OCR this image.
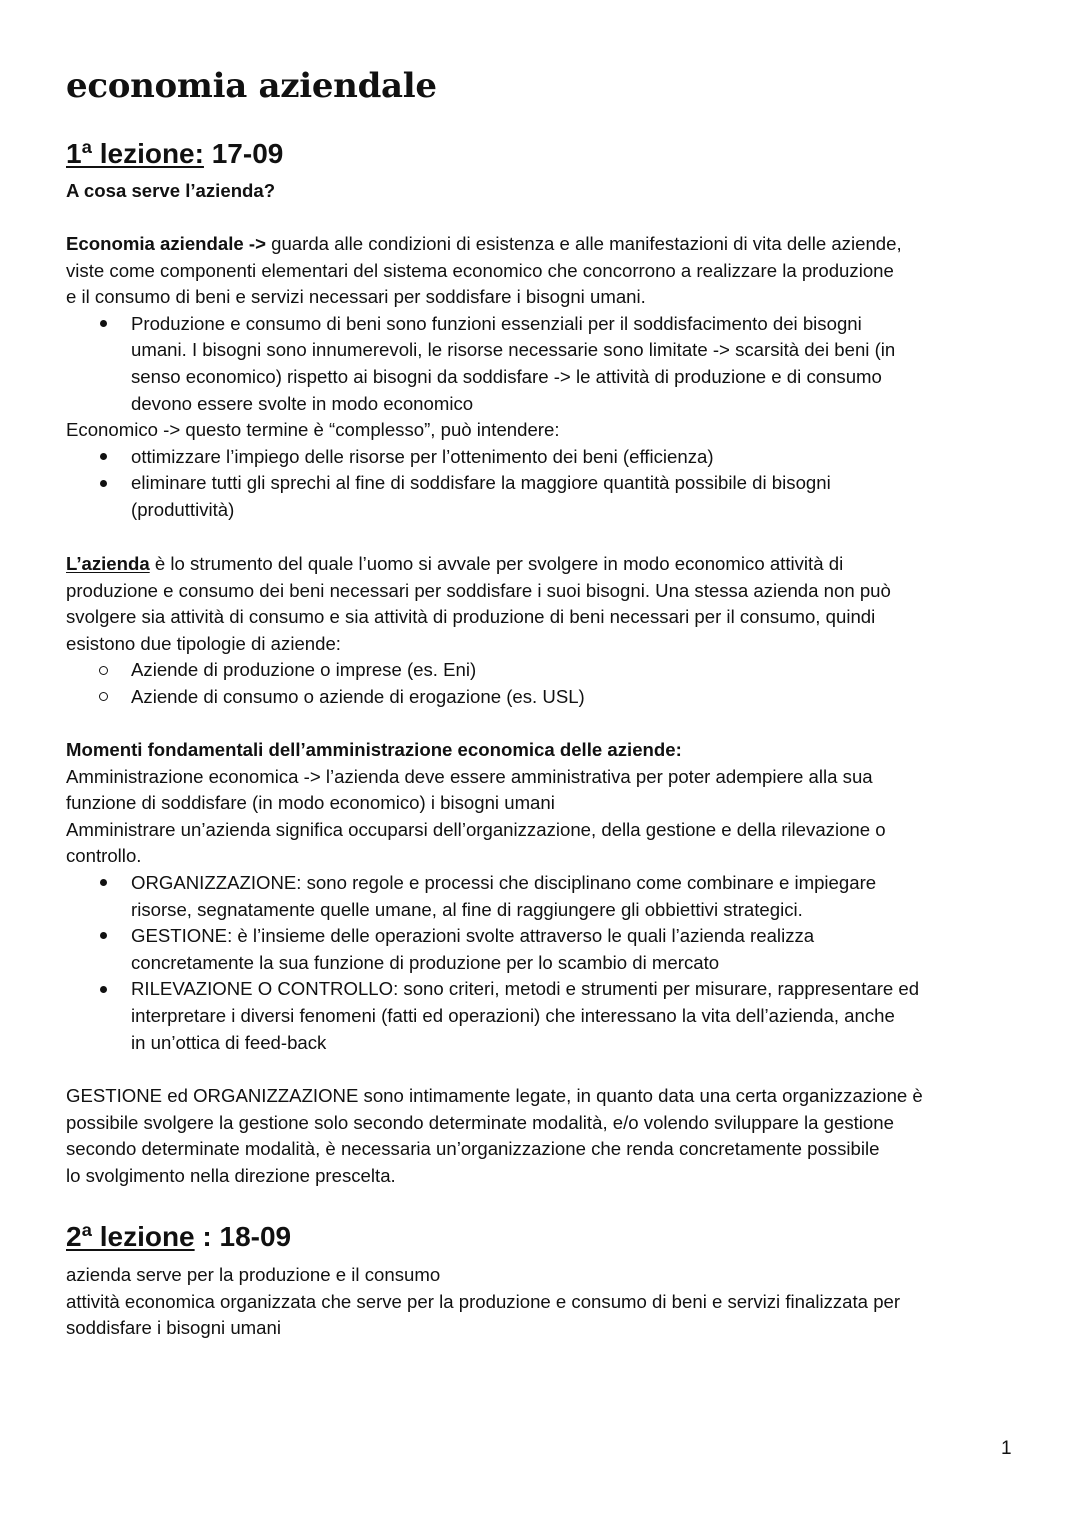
economia aziendale
1ª lezione: 17-09
A cosa serve l’azienda?
Economia aziendale -> guarda alle condizioni di esistenza e alle manifestazioni di vita delle aziende,
viste come componenti elementari del sistema economico che concorrono a realizzare la produzione
e il consumo di beni e servizi necessari per soddisfare i bisogni umani.
Produzione e consumo di beni sono funzioni essenziali per il soddisfacimento dei bisogni
umani. I bisogni sono innumerevoli, le risorse necessarie sono limitate -> scarsità dei beni (in
senso economico) rispetto ai bisogni da soddisfare -> le attività di produzione e di consumo
devono essere svolte in modo economico
Economico -> questo termine è “complesso”, può intendere:
ottimizzare l’impiego delle risorse per l’ottenimento dei beni (efficienza)
eliminare tutti gli sprechi al fine di soddisfare la maggiore quantità possibile di bisogni
(produttività)
L’azienda è lo strumento del quale l’uomo si avvale per svolgere in modo economico attività di
produzione e consumo dei beni necessari per soddisfare i suoi bisogni. Una stessa azienda non può
svolgere sia attività di consumo e sia attività di produzione di beni necessari per il consumo, quindi
esistono due tipologie di aziende:
Aziende di produzione o imprese (es. Eni)
Aziende di consumo o aziende di erogazione (es. USL)
Momenti fondamentali dell’amministrazione economica delle aziende:
Amministrazione economica -> l’azienda deve essere amministrativa per poter adempiere alla sua
funzione di soddisfare (in modo economico) i bisogni umani
Amministrare un’azienda significa occuparsi dell’organizzazione, della gestione e della rilevazione o
controllo.
ORGANIZZAZIONE: sono regole e processi che disciplinano come combinare e impiegare
risorse, segnatamente quelle umane, al fine di raggiungere gli obbiettivi strategici.
GESTIONE: è l’insieme delle operazioni svolte attraverso le quali l’azienda realizza
concretamente la sua funzione di produzione per lo scambio di mercato
RILEVAZIONE O CONTROLLO: sono criteri, metodi e strumenti per misurare, rappresentare ed
interpretare i diversi fenomeni (fatti ed operazioni) che interessano la vita dell’azienda, anche
in un’ottica di feed-back
GESTIONE ed ORGANIZZAZIONE sono intimamente legate, in quanto data una certa organizzazione è
possibile svolgere la gestione solo secondo determinate modalità, e/o volendo sviluppare la gestione
secondo determinate modalità, è necessaria un’organizzazione che renda concretamente possibile
lo svolgimento nella direzione prescelta.
2ª lezione : 18-09
azienda serve per la produzione e il consumo
attività economica organizzata che serve per la produzione e consumo di beni e servizi finalizzata per
soddisfare i bisogni umani
1
